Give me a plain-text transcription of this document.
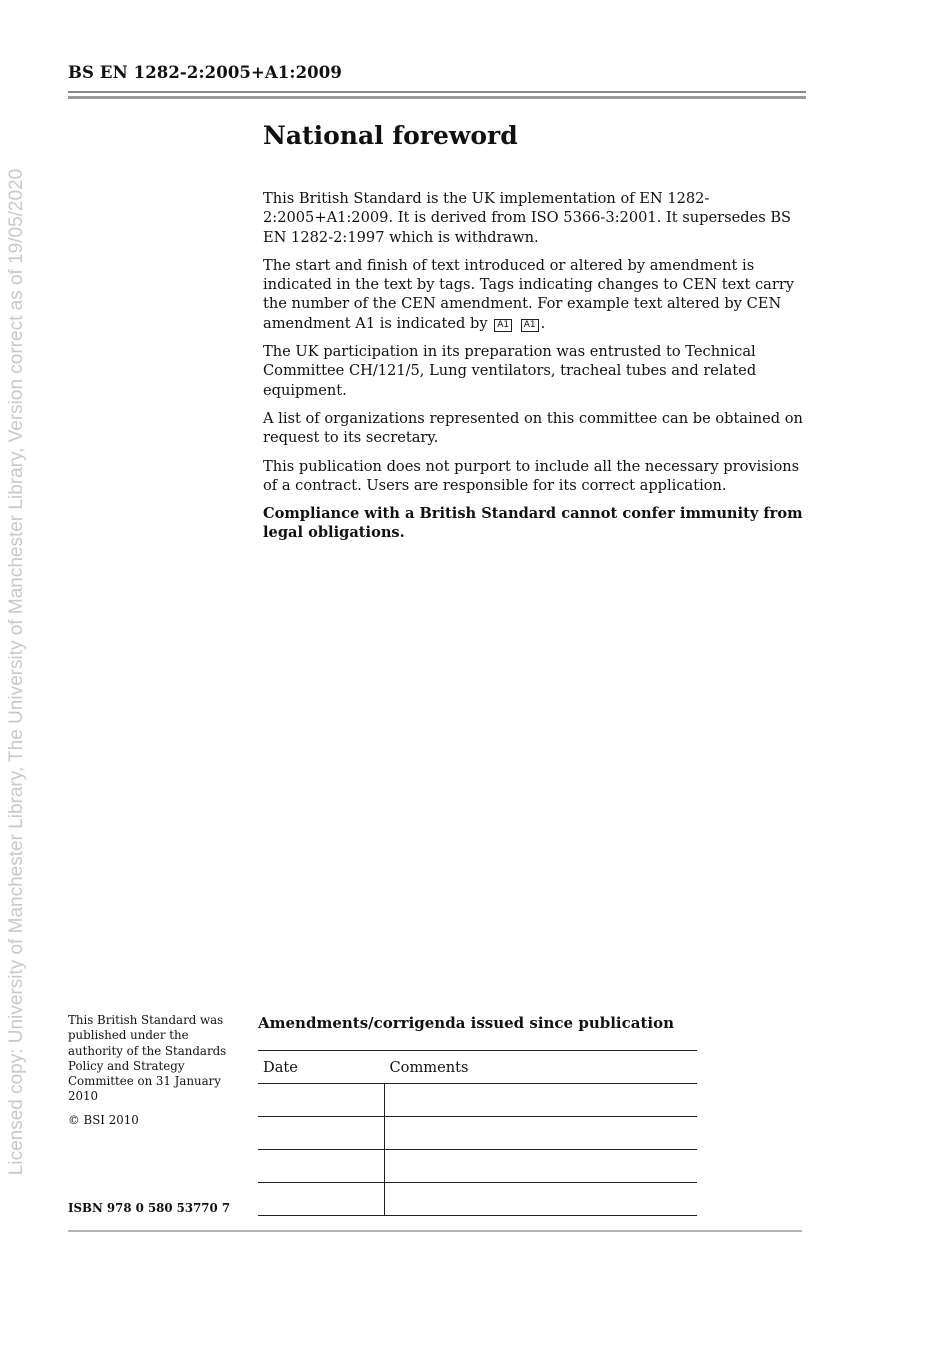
Licensed copy: University of Manchester Library, The University of Manchester Library, Version correct as of 19/05/2020
BS EN 1282-2:2005+A1:2009
National foreword

This British Standard is the UK implementation of EN 1282-2:2005+A1:2009. It is derived from ISO 5366-3:2001. It supersedes BS EN 1282-2:1997 which is withdrawn.

The start and finish of text introduced or altered by amendment is indicated in the text by tags. Tags indicating changes to CEN text carry the number of the CEN amendment. For example text altered by CEN amendment A1 is indicated by A1 A1 .

The UK participation in its preparation was entrusted to Technical Committee CH/121/5, Lung ventilators, tracheal tubes and related equipment.

A list of organizations represented on this committee can be obtained on request to its secretary.

This publication does not purport to include all the necessary provisions of a contract. Users are responsible for its correct application.

Compliance with a British Standard cannot confer immunity from legal obligations.

This British Standard was published under the authority of the Standards Policy and Strategy Committee on 31 January 2010

© BSI 2010

ISBN 978 0 580 53770 7
Amendments/corrigenda issued since publication
Date	Comments
